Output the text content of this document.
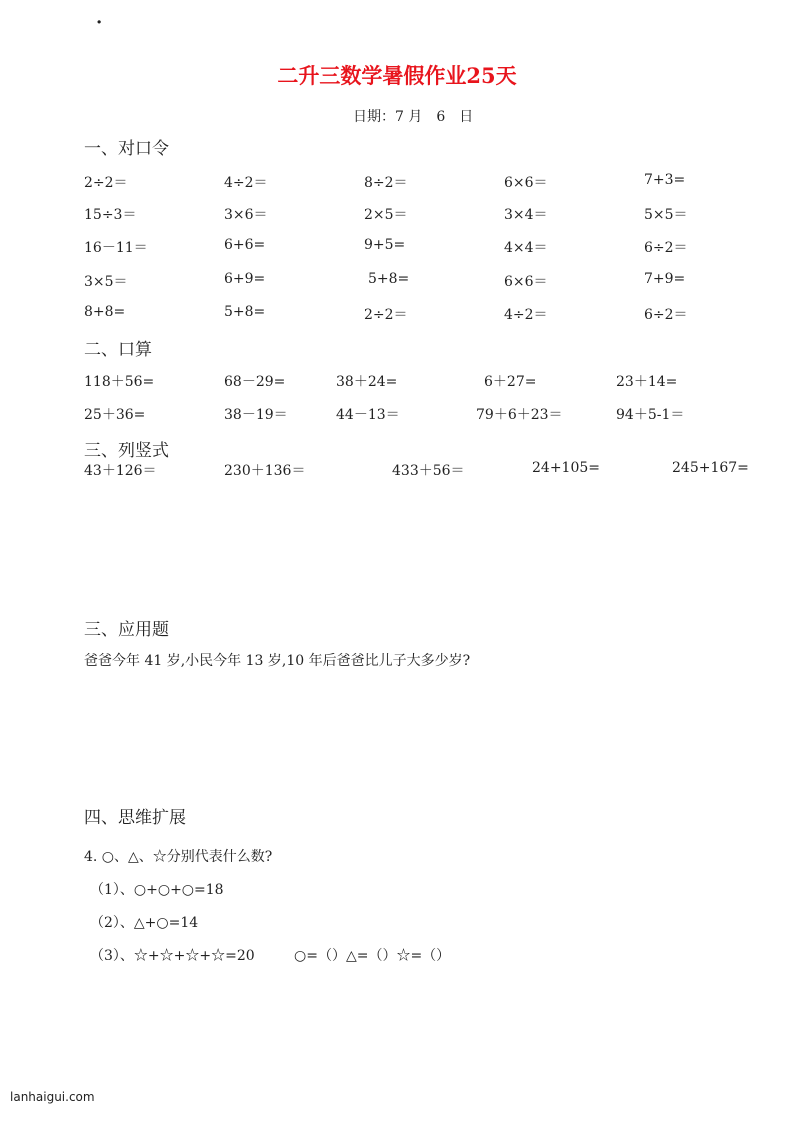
·
二升三数学暑假作业25天
日期：7 月　6　日
一、对口令
2÷2＝	4÷2＝	8÷2＝	6×6＝	7+3=
15÷3＝	3×6＝	2×5＝	3×4＝	5×5＝
16－11＝	6+6=	9+5=	4×4＝	6÷2＝
3×5＝	6+9=	5+8=	6×6＝	7+9=
8+8=	5+8=	2÷2＝	4÷2＝	6÷2＝
二、口算
118＋56=	68－29=	38＋24=	6＋27=	23＋14=
25＋36=	38－19＝	44－13＝	79＋6＋23＝	94＋5-1＝
三、列竖式
43＋126＝	230＋136＝	433＋56＝	24+105=	245+167=
三、应用题
爸爸今年 41 岁,小民今年 13 岁,10 年后爸爸比儿子大多少岁?
四、思维扩展
4. ○、△、☆分别代表什么数?
（1）、○+○+○=18
（2）、△+○=14
（3）、☆+☆+☆+☆=20	○=（）△=（）☆=（）
lanhaigui.com
